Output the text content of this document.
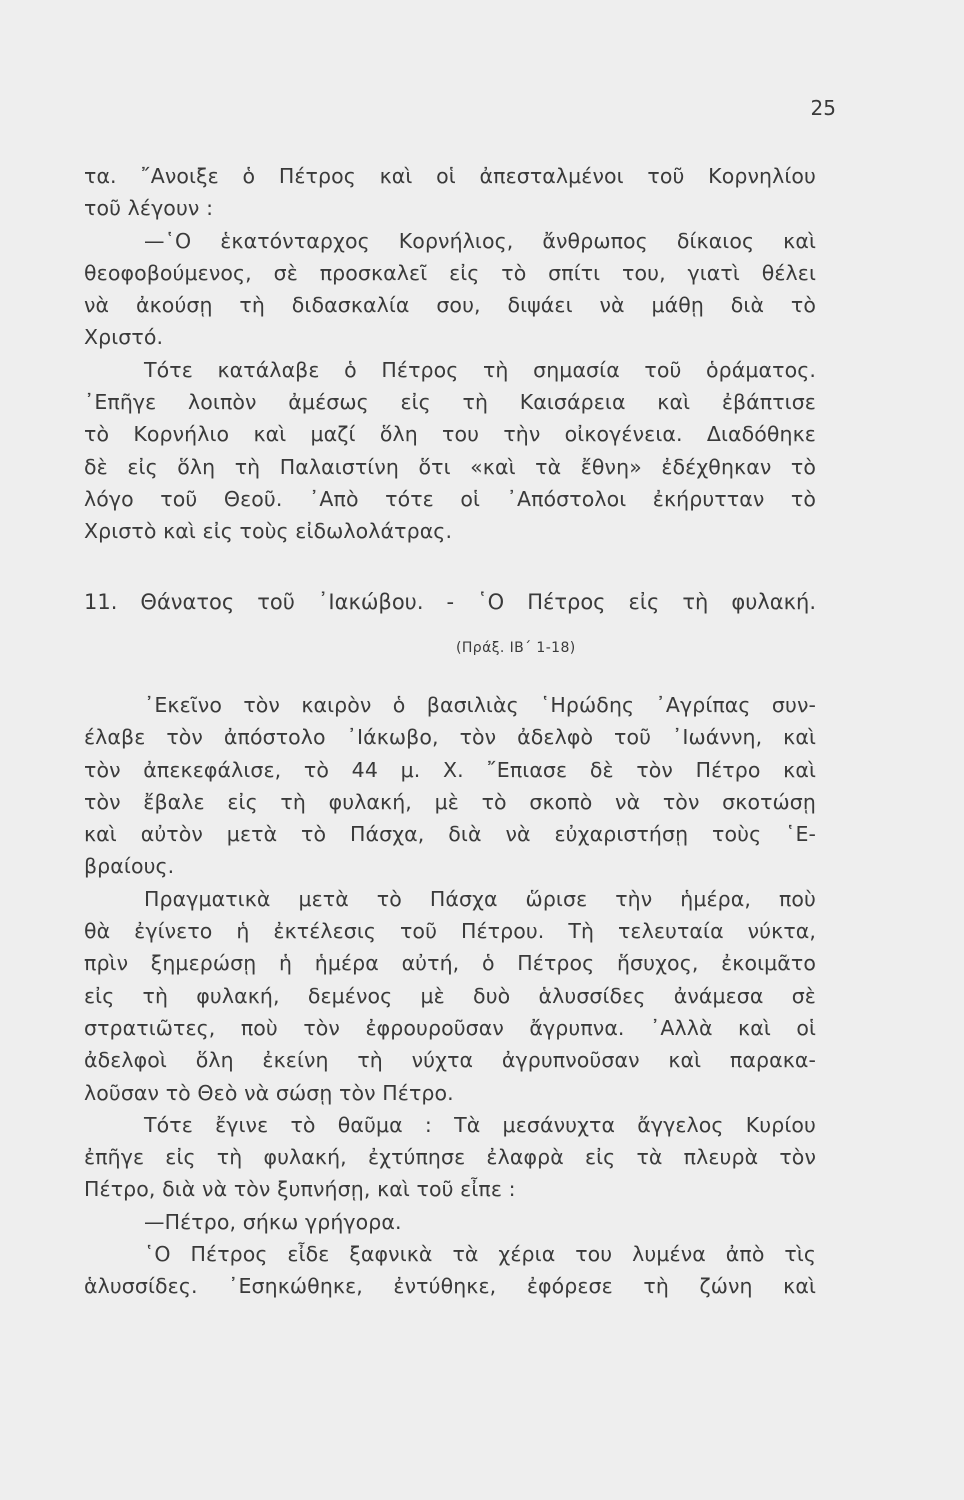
25
τα. ῎Ανοιξε ὁ Πέτρος καὶ οἱ ἀπεσταλμένοι τοῦ Κορνηλίου
τοῦ λέγουν :
—῾Ο ἑκατόνταρχος Κορνήλιος, ἄνθρωπος δίκαιος καὶ
θεοφοβούμενος, σὲ προσκαλεῖ εἰς τὸ σπίτι του, γιατὶ θέλει
νὰ ἀκούσῃ τὴ διδασκαλία σου, διψάει νὰ μάθῃ διὰ τὸ
Χριστό.
Τότε κατάλαβε ὁ Πέτρος τὴ σημασία τοῦ ὁράματος.
᾿Επῆγε λοιπὸν ἀμέσως εἰς τὴ Καισάρεια καὶ ἐβάπτισε
τὸ Κορνήλιο καὶ μαζί ὅλη του τὴν οἰκογένεια. Διαδόθηκε
δὲ εἰς ὅλη τὴ Παλαιστίνη ὅτι «καὶ τὰ ἔθνη» ἐδέχθηκαν τὸ
λόγο τοῦ Θεοῦ. ᾿Απὸ τότε οἱ ᾿Απόστολοι ἐκήρυτταν τὸ
Χριστὸ καὶ εἰς τοὺς εἰδωλολάτρας.
11. Θάνατος τοῦ ᾿Ιακώβου. - ῾Ο Πέτρος εἰς τὴ φυλακή.
(Πράξ. ΙΒ΄ 1-18)
᾿Εκεῖνο τὸν καιρὸν ὁ βασιλιὰς ῾Ηρώδης ᾿Αγρίπας συν-
έλαβε τὸν ἀπόστολο ᾿Ιάκωβο, τὸν ἀδελφὸ τοῦ ᾿Ιωάννη, καὶ
τὸν ἀπεκεφάλισε, τὸ 44 μ. Χ. ῎Επιασε δὲ τὸν Πέτρο καὶ
τὸν ἔβαλε εἰς τὴ φυλακή, μὲ τὸ σκοπὸ νὰ τὸν σκοτώσῃ
καὶ αὐτὸν μετὰ τὸ Πάσχα, διὰ νὰ εὐχαριστήσῃ τοὺς ῾Ε-
βραίους.
Πραγματικὰ μετὰ τὸ Πάσχα ὥρισε τὴν ἡμέρα, ποὺ
θὰ ἐγίνετο ἡ ἐκτέλεσις τοῦ Πέτρου. Τὴ τελευταία νύκτα,
πρὶν ξημερώσῃ ἡ ἡμέρα αὐτή, ὁ Πέτρος ἥσυχος, ἐκοιμᾶτο
εἰς τὴ φυλακή, δεμένος μὲ δυὸ ἁλυσσίδες ἀνάμεσα σὲ
στρατιῶτες, ποὺ τὸν ἐφρουροῦσαν ἄγρυπνα. ᾿Αλλὰ καὶ οἱ
ἀδελφοὶ ὅλη ἐκείνη τὴ νύχτα ἀγρυπνοῦσαν καὶ παρακα-
λοῦσαν τὸ Θεὸ νὰ σώσῃ τὸν Πέτρο.
Τότε ἔγινε τὸ θαῦμα : Τὰ μεσάνυχτα ἄγγελος Κυρίου
ἐπῆγε εἰς τὴ φυλακή, ἐχτύπησε ἐλαφρὰ εἰς τὰ πλευρὰ τὸν
Πέτρο, διὰ νὰ τὸν ξυπνήσῃ, καὶ τοῦ εἶπε :
—Πέτρο, σήκω γρήγορα.
῾Ο Πέτρος εἶδε ξαφνικὰ τὰ χέρια του λυμένα ἀπὸ τὶς
ἁλυσσίδες. ᾿Εσηκώθηκε, ἐντύθηκε, ἐφόρεσε τὴ ζώνη καὶ
